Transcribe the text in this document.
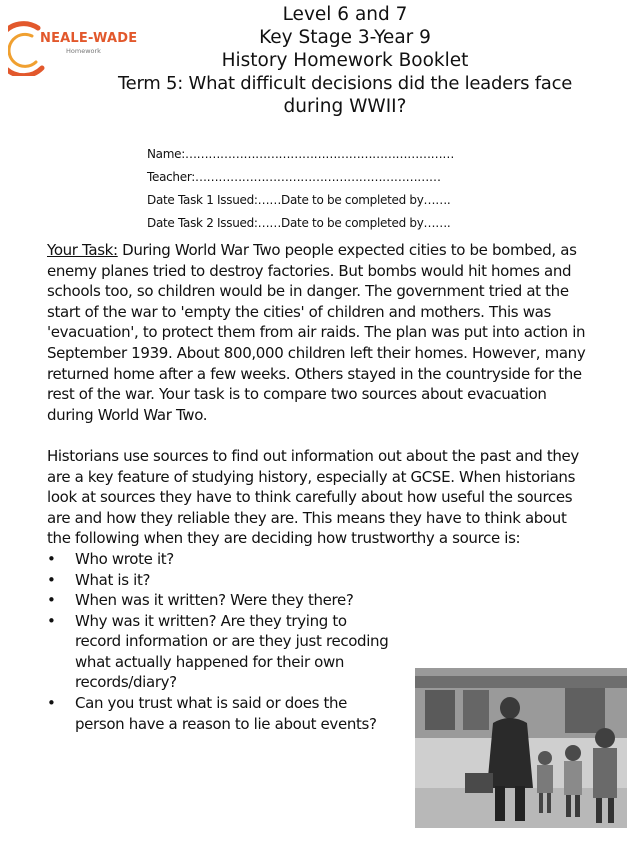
NEALE-WADE
Homework
Level 6 and 7
Key Stage 3-Year 9
History Homework Booklet
Term 5: What difficult decisions did the leaders face
during WWII?
Name:……………………………………………………………
Teacher:………………………………………………………
Date Task 1 Issued:……Date to be completed by…….
Date Task 2 Issued:……Date to be completed by…….

Your Task: During World War Two people expected cities to be bombed, as enemy planes tried to destroy factories. But bombs would hit homes and schools too, so children would be in danger. The government tried at the start of the war to 'empty the cities' of children and mothers. This was 'evacuation', to protect them from air raids. The plan was put into action in September 1939. About 800,000 children left their homes. However, many returned home after a few weeks. Others stayed in the countryside for the rest of the war. Your task is to compare two sources about evacuation during World War Two.

Historians use sources to find out information out about the past and they are a key feature of studying history, especially at GCSE. When historians look at sources they have to think carefully about how useful the sources are and how they reliable they are. This means they have to think about the following when they are deciding how trustworthy a source is:

• Who wrote it?
• What is it?
• When was it written? Were they there?
• Why was it written? Are they trying to record information or are they just recoding what actually happened for their own records/diary?
• Can you trust what is said or does the person have a reason to lie about events?
